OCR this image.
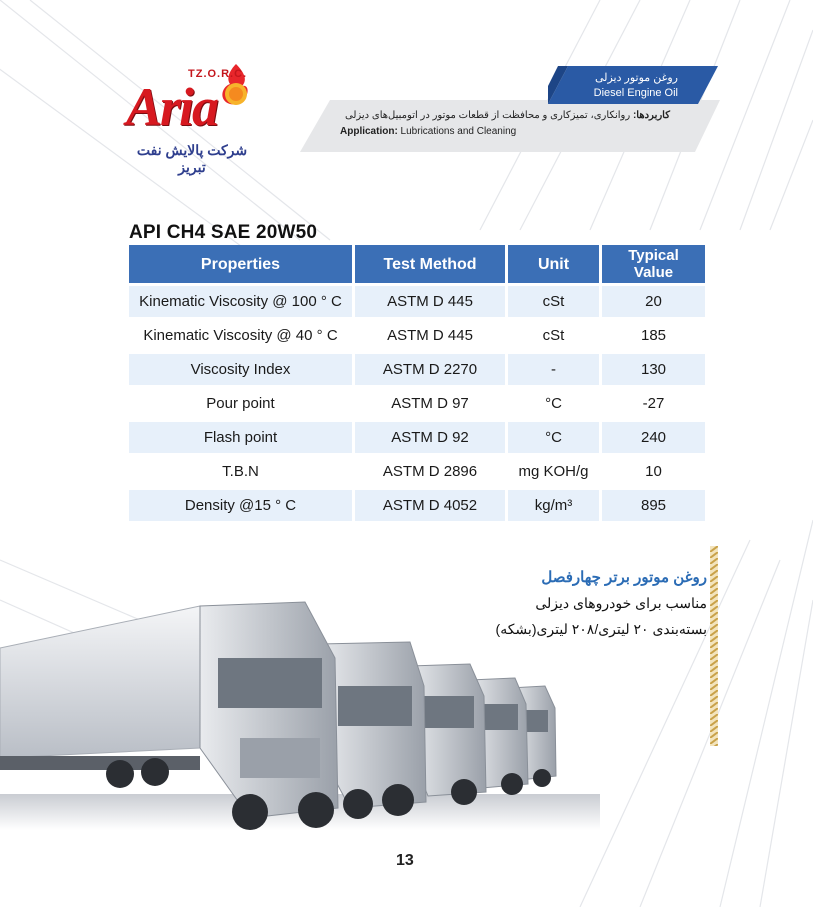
TZ.O.R.C.
Aria
شرکت پالایش نفت تبریز
روغن موتور دیزلی
Diesel Engine Oil
کاربردها: روانکاری، تمیزکاری و محافظت از قطعات موتور در اتومبیل‌های دیزلی
Application: Lubrications and Cleaning
API CH4 SAE 20W50
Properties	Test Method	Unit	Typical Value
Kinematic Viscosity @ 100 ° C	ASTM D 445	cSt	20
Kinematic Viscosity @ 40 ° C	ASTM D 445	cSt	185
Viscosity Index	ASTM D 2270	-	130
Pour point	ASTM D 97	°C	-27
Flash point	ASTM D 92	°C	240
T.B.N	ASTM D 2896	mg KOH/g	10
Density @15 ° C	ASTM D 4052	kg/m³	895
روغن موتور برتر چهارفصل
مناسب برای خودروهای دیزلی
بسته‌بندی ۲۰ لیتری/۲۰۸ لیتری(بشکه)
13
